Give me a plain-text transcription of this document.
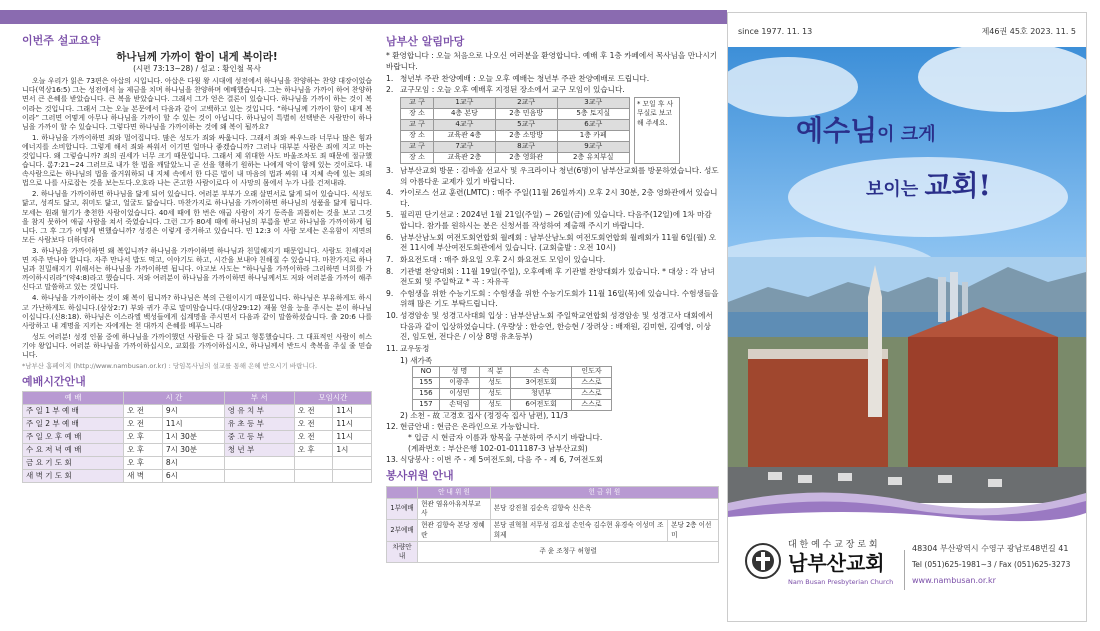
이번주 설교요약
하나님께 가까이 함이 내게 복이라!
(시편 73:13~28) / 설교 : 황인철 목사

오늘 우리가 읽은 73편은 아삽의 시입니다. 아삽은 다윗 왕 시대에 성전에서 하나님을 찬양하는 찬양 대장이었습니다(역상16:5) 그는 성전에서 늘 제금을 치며 하나님을 찬양하며 예배했습니다. 그는 하나님을 가까이 하여 찬양하면서 큰 은혜를 받았습니다. 큰 복을 받았습니다. 그래서 그가 얻은 결론이 있습니다. 하나님을 가까이 하는 것이 복이라는 것입니다. 그래서 그는 오늘 본문에서 다음과 같이 고백하고 있는 것입니다. “하나님께 가까이 함이 내게 복이라” 그러면 어떻게 아무나 하나님을 가까이 할 수 있는 것이 아닙니다. 하나님이 특별히 선택받은 사람만이 하나님을 가까이 할 수 있습니다. 그렇다면 하나님을 가까이하는 것에 왜 복이 될까요?

1. 하나님을 가까이하면 죄와 멀어집니다. 많은 성도가 죄와 싸웁니다. 그래서 죄와 싸우느라 너무나 많은 힘과 에너지를 소비합니다. 그렇게 해서 죄와 싸워서 이기면 얼마나 좋겠습니까? 그러나 대부분 사람은 죄에 지고 마는 것입니다. 왜 그렇습니까? 죄의 권세가 너무 크기 때문입니다. 그래서 제 위대한 사도 바울조차도 죄 때문에 절규했습니다. 롬7:21~24 그러므로 내가 한 법을 깨달았노니 곧 선을 행하기 원하는 나에게 악이 함께 있는 것이로다. 내 속사람으로는 하나님의 법을 즐거워하되 내 지체 속에서 한 다른 법이 내 마음의 법과 싸워 내 지체 속에 있는 죄의 법으로 나를 사로잡는 것을 보는도다.오호라 나는 곤고한 사람이로다 이 사망의 몸에서 누가 나를 건져내랴.

2. 하나님을 가까이하면 하나님을 닮게 되어 있습니다. 여러분 부부가 오래 살면서로 닮게 되어 있습니다. 식성도 닮고, 성격도 닮고, 취미도 닮고, 얼굴도 닮습니다. 마찬가지로 하나님을 가까이하면 하나님의 성품을 닮게 됩니다. 모세는 원래 혈기가 충천한 사람이었습니다. 40세 때에 한 번은 애굽 사람이 자기 동족을 괴롭히는 것을 보고 그것을 참지 못하여 애굽 사람을 쳐서 죽였습니다. 그런 그가 80세 때에 하나님의 부름을 받고 하나님을 가까이하게 됩니다. 그 후 그가 어떻게 변했습니까? 성경은 이렇게 증거하고 있습니다. 민 12:3 이 사람 모세는 온유함이 지면의 모든 사람보다 더하더라

3. 하나님을 가까이하면 왜 복입니까? 하나님을 가까이하면 하나님과 친밀해지기 때문입니다. 사람도 친해지려면 자주 만나야 합니다. 자주 만나서 밥도 먹고, 이야기도 하고, 시간을 보내야 친해질 수 있습니다. 마찬가지로 하나님과 친밀해지기 위해서는 하나님을 가까이하면 됩니다. 야고보 사도는 “하나님을 가까이하라 그리하면 너희를 가까이하시리라”(약4:8)라고 했습니다. 저와 여러분이 하나님을 가까이하면 하나님께서도 저와 여러분을 가까이 해주신다고 말씀하고 있는 것입니다.

4. 하나님을 가까이하는 것이 왜 복이 됩니까? 하나님은 복의 근원이시기 때문입니다. 하나님은 부유하게도 하시고 가난하게도 하십니다.(삼상2:7) 부와 귀가 주로 말미암습니다.(대상29:12) 재물 얻을 능을 주시는 분이 하나님이십니다.(신8:18). 하나님은 이스라엘 백성들에게 십계명을 주시면서 다음과 같이 말씀하셨습니다. 출 20:6 나를 사랑하고 내 계명을 지키는 자에게는 천 대까지 은혜를 베푸느니라

성도 여러분! 성경 인물 중에 하나님을 가까이했던 사람들은 다 잘 되고 형통했습니다. 그 대표적인 사람이 히스기야 왕입니다. 여러분 하나님을 가까이하십시오, 교회를 가까이하십시오, 하나님께서 반드시 축복을 주실 줄 믿습니다.

*남부산 홈페이지 (http://www.nambusan.or.kr) : 당임목사님의 설교를 통해 은혜 받으시기 바랍니다.
예배시간안내
예 배	시 간		부 서	모임시간	
주 일 1 부 예 배	오 전	9시	영 유 치 부	오 전	11시
주 일 2 부 예 배	오 전	11시	유 초 등 부	오 전	11시
주 일 오 후 예 배	오 후	1시 30분	중 고 등 부	오 전	11시
수 요 저 녁 예 배	오 후	7시 30분	청 년 부	오 후	1시
금 요 기 도 회	오 후	8시			
새 벽 기 도 회	새 벽	6시			
남부산 알림마당
* 환영합니다 : 오늘 처음으로 나오신 여러분을 환영합니다. 예배 후 1층 카페에서 목사님을 만나시기 바랍니다.
1. 청년부 주관 찬양예배 : 오늘 오후 예배는 청년부 주관 찬양예배로 드립니다.
2. 교구모임 : 오늘 오후 예배후 지정된 장소에서 교구 모임이 있습니다.
교 구	1교구	2교구	3교구
장 소	4층 본당	2층 민음방	5층 토지실
교 구	4교구	5교구	6교구
장 소	교육관 4층	2층 소망방	1층 카페
교 구	7교구	8교구	9교구
장 소	교육관 2층	2층 영화관	2층 유치부실
* 모일 후 사무실로 보고해 주세요.
3. 남부산교회 방문 : 김바울 선교사 및 우크라이나 청년(6명)이 남부산교회를 방문하였습니다. 성도의 아름다운 교제가 있기 바랍니다.
4. 카이로스 선교 훈련(LMTC) : 매주 주일(11월 26일까지) 오후 2시 30분, 2층 영화관에서 있습니다.
5. 필리핀 단기선교 : 2024년 1월 21일(주일) ~ 26일(금)에 있습니다. 다음주(12일)에 1차 마감합니다. 참가를 원하시는 분은 신청서를 작성하여 제출해 주시기 바랍니다.
6. 남부산남노회 여전도회연합회 월례회 : 남부산남노회 여전도회연합회 월례회가 11월 6일(월) 오전 11시에 부산여전도회관에서 있습니다. (교회출발 : 오전 10시)
7. 화요전도대 : 매주 화요일 오후 2시 화요전도 모임이 있습니다.
8. 기관별 찬양대회 : 11월 19일(주일), 오후예배 후 기관별 찬양대회가 있습니다. * 대상 : 각 남녀 전도회 및 주일학교 * 곡 : 자유곡
9. 수험생을 위한 수능기도회 : 수험생을 위한 수능기도회가 11월 16일(목)에 있습니다. 수험생들을 위해 많은 기도 부탁드립니다.
10. 성경암송 및 성경고사대회 입상 : 남부산남노회 주일학교연합회 성경암송 및 성경고사 대회에서 다음과 같이 입상하였습니다. (우량상 : 한승연, 한승현 / 장려상 : 배재원, 김미현, 김예영, 이상진, 임도현, 전다은 / 이상 8명 유초등부)
11. 교우동정
1) 새가족
NO	성 명	직 분	소 속	인도자
155	이광주	성도	3여전도회	스스로
156	이성민	성도	청년부	스스로
157	손덕임	성도	6여전도회	스스로
2) 소천 - 故 고경호 집사 (정정숙 집사 남편), 11/3
12. 현금안내 : 현금은 온라인으로 가능합니다.
* 입금 시 현금자 이름과 항목을 구분하여 주시기 바랍니다.
(계좌번호 : 부산은행 102-01-011187-3 남부산교회)
13. 식당봉사 : 이번 주 - 제 5여전도회, 다음 주 - 제 6, 7여전도회
봉사위원 안내
	안 내 위 원	헌 금 위 원	
1부예배	현관 염유아유치부교사	본당 강진철 김순옥 김향숙 신은옥	
2부예배	현관 김향숙 본당 정혜란	본당 권혁철 서무성 김요섭 손인숙 김수현 유경숙 이성미 조희제	본당 2층 이선미
차량안내	주 윤 조청구 허형렬		
since 1977. 11. 13	제46권 45호 2023. 11. 5
예수님이 크게
보이는 교회!
대 한 예 수 교 장 로 회
남부산교회
Nam Busan Presbyterian Church
48304 부산광역시 수영구 광남로48번길 41
Tel (051)625-1981~3 / Fax (051)625-3273
www.nambusan.or.kr
